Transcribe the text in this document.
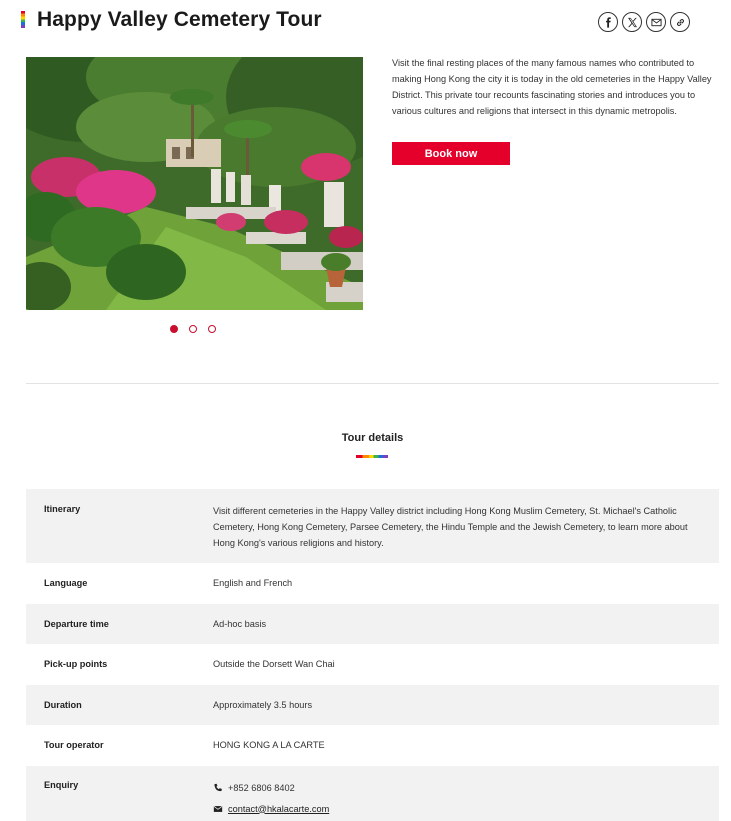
Happy Valley Cemetery Tour

Visit the final resting places of the many famous names who contributed to making Hong Kong the city it is today in the old cemeteries in the Happy Valley District. This private tour recounts fascinating stories and introduces you to various cultures and religions that intersect in this dynamic metropolis.

Book now
Tour details
Itinerary	Visit different cemeteries in the Happy Valley district including Hong Kong Muslim Cemetery, St. Michael's Catholic Cemetery, Hong Kong Cemetery, Parsee Cemetery, the Hindu Temple and the Jewish Cemetery, to learn more about Hong Kong's various religions and history.
Language	English and French
Departure time	Ad-hoc basis
Pick-up points	Outside the Dorsett Wan Chai
Duration	Approximately 3.5 hours
Tour operator	HONG KONG A LA CARTE
Enquiry	+852 6806 8402
contact@hkalacarte.com
